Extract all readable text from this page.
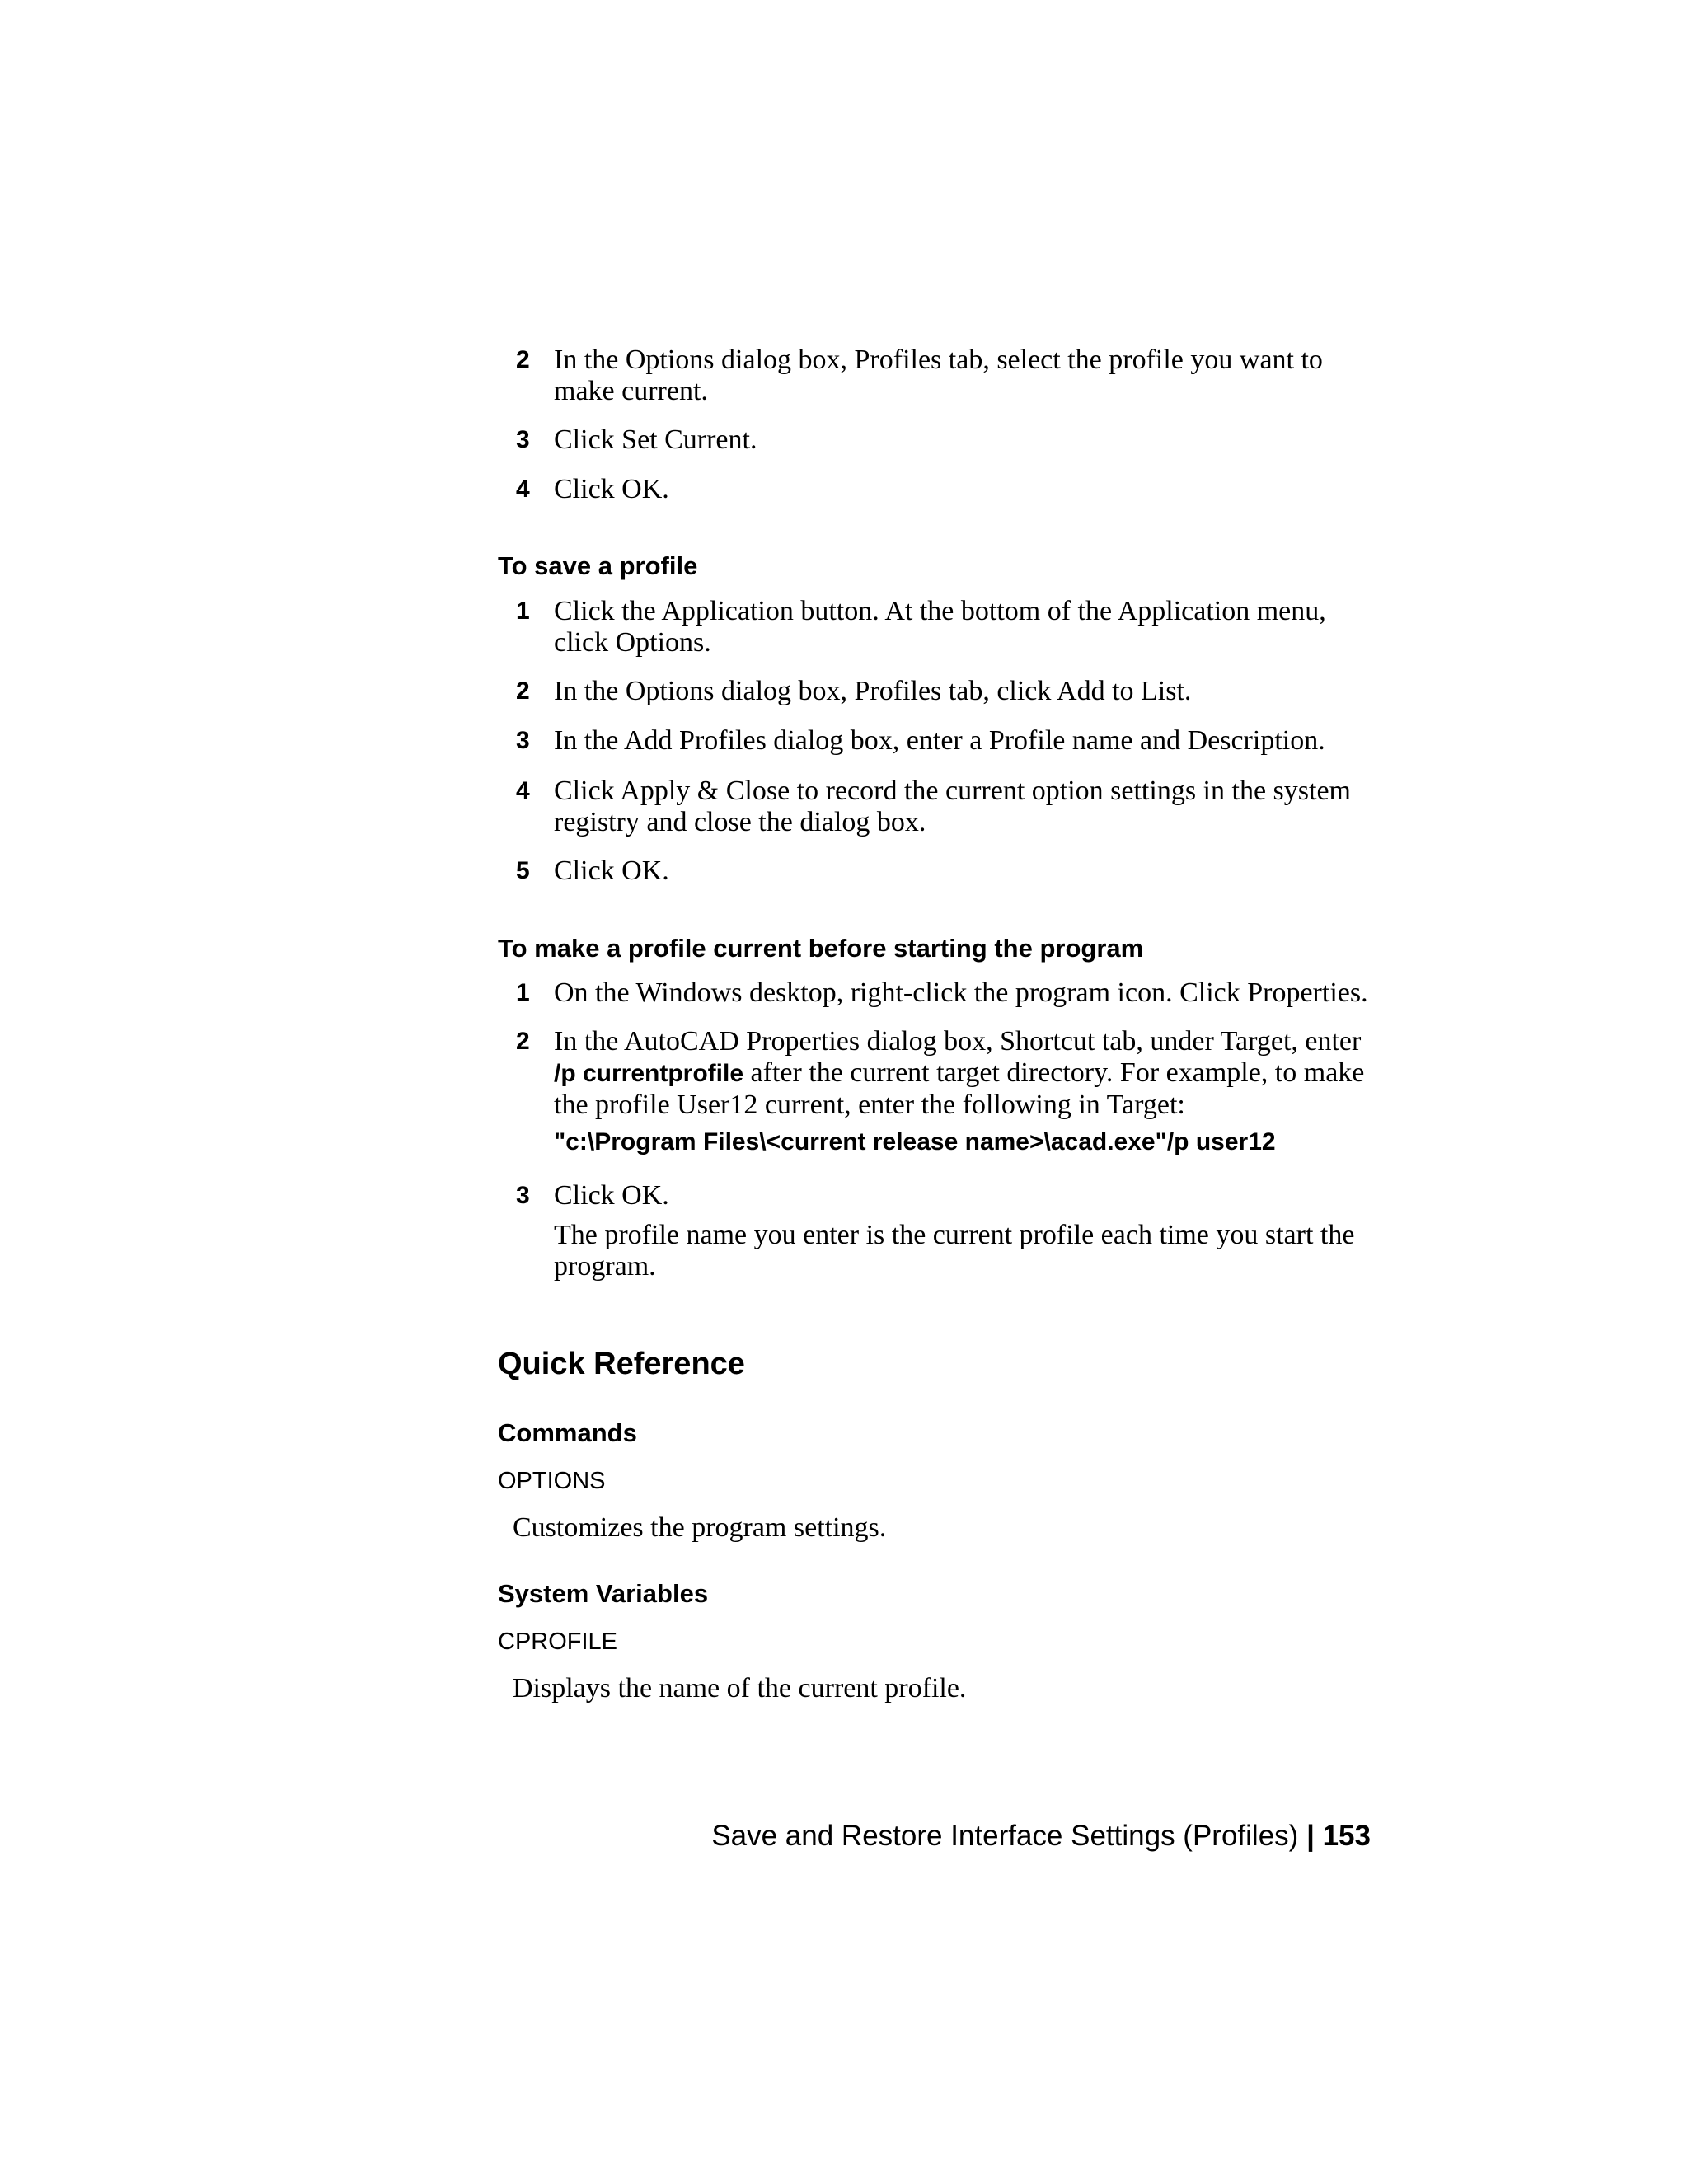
2 In the Options dialog box, Profiles tab, select the profile you want to make current.
3 Click Set Current.
4 Click OK.
To save a profile
1 Click the Application button. At the bottom of the Application menu, click Options.
2 In the Options dialog box, Profiles tab, click Add to List.
3 In the Add Profiles dialog box, enter a Profile name and Description.
4 Click Apply & Close to record the current option settings in the system registry and close the dialog box.
5 Click OK.
To make a profile current before starting the program
1 On the Windows desktop, right-click the program icon. Click Properties.
2 In the AutoCAD Properties dialog box, Shortcut tab, under Target, enter /p currentprofile after the current target directory. For example, to make the profile User12 current, enter the following in Target:
"c:\Program Files\<current release name>\acad.exe"/p user12
3 Click OK.
The profile name you enter is the current profile each time you start the program.
Quick Reference
Commands
OPTIONS
Customizes the program settings.
System Variables
CPROFILE
Displays the name of the current profile.
Save and Restore Interface Settings (Profiles) | 153
